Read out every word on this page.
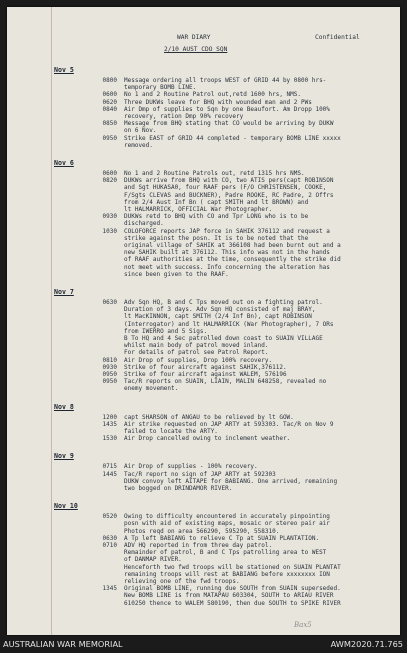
WAR DIARY	Confidential
2/10 AUST CDO SQN
Nov 5
0800 Message ordering all troops WEST of GRID 44 by 0800 hrs-
temporary BOMB LINE.
0600 No 1 and 2 Routine Patrol out,retd 1600 hrs, NMS.
0620 Three DUKWs leave for BHQ with wounded man and 2 PWs
0840 Air Dmp of supplies to Sqn by one Beaufort. Am Dropp 100%
recovery, ration Dmp 90% recovery
0850 Message from BHQ stating that CO would be arriving by DUKW
on 6 Nov.
0950 Strike EAST of GRID 44 completed - temporary BOMB LINE xxxxx
removed.
Nov 6
0600 No 1 and 2 Routine Patrols out, retd 1315 hrs NMS.
0820 DUKWs arrive from BHQ with CO, two ATIS pers(capt ROBINSON
and Sgt HUKASA0, four RAAF pers (F/O CHRISTENSEN, COOKE,
F/Sgts CLEVAS and BUCKNER), Padre ROOKE, RC Padre, 2 Offrs
from 2/4 Aust Inf Bn ( capt SMITH and lt BROWN) and
lt HALMARRICK, OFFICIAL War Photographer.
0930 DUKWs retd to BHQ with CO and Tpr LONG who is to be
discharged.
1030 COLOFORCE reports JAP force in SAHIK 376112 and request a
strike against the posn. It is to be noted that the
original village of SAHIK at 366108 had been burnt out and a
new SAHIK built at 376112. This info was not in the hands
of RAAF authorities at the time, consequently the strike did
not meet with success. Info concerning the alteration has
since been given to the RAAF.
Nov 7
0630 Adv Sqn HQ, B and C Tps moved out on a fighting patrol.
Duration of 3 days. Adv Sqn HQ consisted of maj BRAY,
lt MacKINNON, capt SMITH (2/4 Inf Bn), capt ROBINSON
(Interrogator) and lt HALMARRICK (War Photographer), 7 ORs
from IWERRO and 5 Sigs.
B To HQ and 4 Sec patrolled down coast to SUAIN VILLAGE
whilst main body of patrol moved inland.
For details of patrol see Patrol Report.
0810 Air Drop of supplies, Drop 100% recovery.
0930 Strike of four aircraft against SAHIK,376112.
0950 Strike of four aircraft against WALEM, 576196
0950 Tac/R reports on SUAIN, LIAIN, MALIN 648258, revealed no
enemy movement.
Nov 8
1200 capt SHARSON of ANGAU to be relieved by lt GOW.
1435 Air strike requested on JAP ARTY at 593303. Tac/R on Nov 9
failed to locate the ARTY.
1530 Air Drop cancelled owing to inclement weather.
Nov 9
0715 Air Drop of supplies - 100% recovery.
1445 Tac/R report no sign of JAP ARTY at 592303
DUKW convoy left AITAPE for BABIANG. One arrived, remaining
two bogged on DRINDAMOR RIVER.
Nov 10
0520 Owing to difficulty encountered in accurately pinpointing
posn with aid of existing maps, mosaic or stereo pair air
Photos reqd on area 566290, 595290, 558310.
0630 A Tp left BABIANG to relieve C Tp at SUAIN PLANTATION.
0710 ADV HQ reported in from three day patrol.
Remainder of patrol, B and C Tps patrolling area to WEST
of DANMAP RIVER.
Henceforth two fwd troops will be stationed on SUAIN PLANTAT
remaining troops will rest at BABIANG before xxxxxxxx ION
relieving one of the fwd troops.
1345 Original BOMB LINE, running due SOUTH from SUAIN superseded.
New BOMB LINE is from MATAPAU 603304, SOUTH to ARIAU RIVER
610250 thence to WALEM 580190, then due SOUTH to SPIKE RIVER
Bax5
AUSTRALIAN WAR MEMORIAL	AWM2020.71.765
